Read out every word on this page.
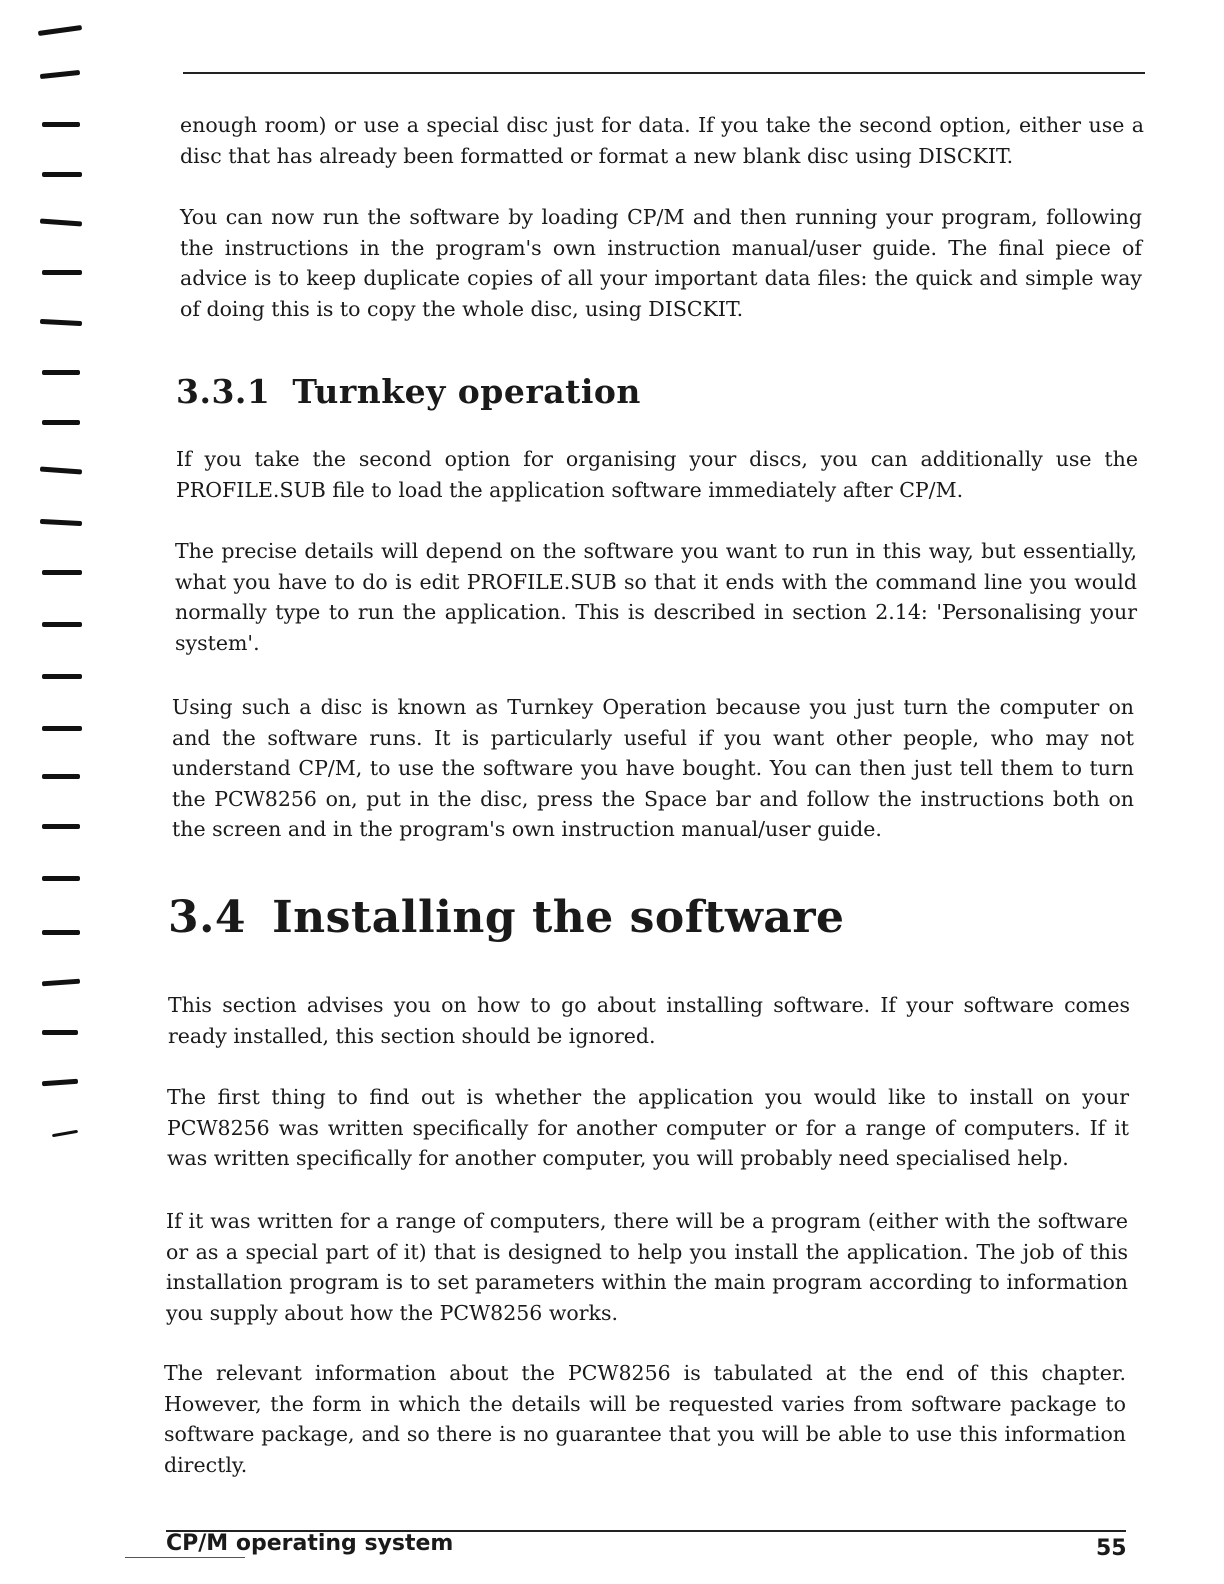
enough room) or use a special disc just for data. If you take the second option, either use a disc that has already been formatted or format a new blank disc using DISCKIT.

You can now run the software by loading CP/M and then running your program, following the instructions in the program's own instruction manual/user guide. The final piece of advice is to keep duplicate copies of all your important data files: the quick and simple way of doing this is to copy the whole disc, using DISCKIT.

3.3.1 Turnkey operation

If you take the second option for organising your discs, you can additionally use the PROFILE.SUB file to load the application software immediately after CP/M.

The precise details will depend on the software you want to run in this way, but essentially, what you have to do is edit PROFILE.SUB so that it ends with the command line you would normally type to run the application. This is described in section 2.14: 'Personalising your system'.

Using such a disc is known as Turnkey Operation because you just turn the computer on and the software runs. It is particularly useful if you want other people, who may not understand CP/M, to use the software you have bought. You can then just tell them to turn the PCW8256 on, put in the disc, press the Space bar and follow the instructions both on the screen and in the program's own instruction manual/user guide.

3.4 Installing the software

This section advises you on how to go about installing software. If your software comes ready installed, this section should be ignored.

The first thing to find out is whether the application you would like to install on your PCW8256 was written specifically for another computer or for a range of computers. If it was written specifically for another computer, you will probably need specialised help.

If it was written for a range of computers, there will be a program (either with the software or as a special part of it) that is designed to help you install the application. The job of this installation program is to set parameters within the main program according to information you supply about how the PCW8256 works.

The relevant information about the PCW8256 is tabulated at the end of this chapter. However, the form in which the details will be requested varies from software package to software package, and so there is no guarantee that you will be able to use this information directly.

CP/M operating system	55
